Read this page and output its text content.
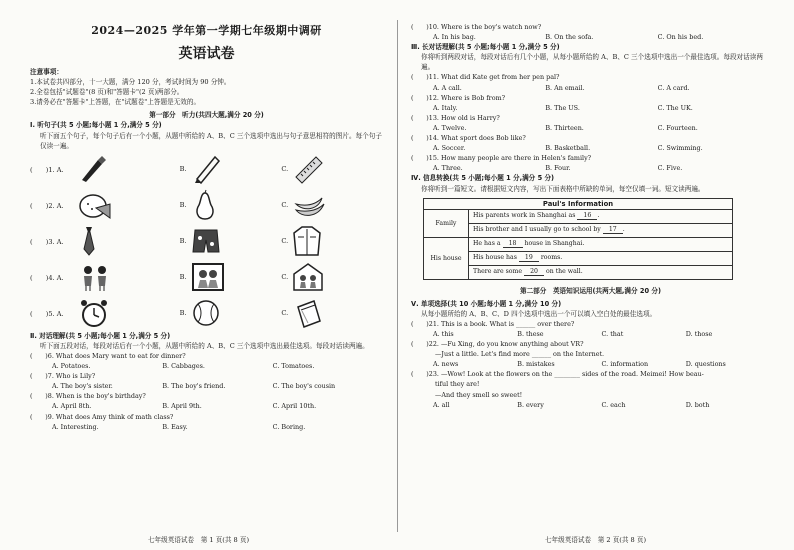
2024—2025 学年第一学期七年级期中调研
英语试卷
注意事项：
1.本试卷共四部分，十一大题，满分 120 分，考试时间为 90 分钟。
2.全卷包括"试题卷"(8 页)和"答题卡"(2 页)两部分。
3.请务必在"答题卡"上答题，在"试题卷"上答题是无效的。
第一部分　听力(共四大题,满分 20 分)
Ⅰ. 听句子(共 5 小题;每小题 1 分,满分 5 分)
听下面五个句子，每个句子后有一个小题，从题中所给的 A、B、C 三个选项中选出与句子意思相符的图片。每个句子仅读一遍。
(　　)1. A.	B.	C.
(　　)2. A.	B.	C.
(　　)3. A.	B.	C.
(　　)4. A.	B.	C.
(　　)5. A.	B.	C.
Ⅱ. 对话理解(共 5 小题;每小题 1 分,满分 5 分)
听下面五段对话，每段对话后有一个小题，从题中所给的 A、B、C 三个选项中选出最佳选项。每段对话读两遍。
(　　)6. What does Mary want to eat for dinner?
A. Potatoes.	B. Cabbages.	C. Tomatoes.
(　　)7. Who is Lily?
A. The boy's sister.	B. The boy's friend.	C. The boy's cousin
(　　)8. When is the boy's birthday?
A. April 8th.	B. April 9th.	C. April 10th.
(　　)9. What does Amy think of math class?
A. Interesting.	B. Easy.	C. Boring.
七年级英语试卷　第 1 页(共 8 页)
(　　)10. Where is the boy's watch now?
A. In his bag.	B. On the sofa.	C. On his bed.
Ⅲ. 长对话理解(共 5 小题;每小题 1 分,满分 5 分)
你将听到两段对话，每段对话后有几个小题，从每小题所给的 A、B、C 三个选项中选出一个最佳选项。每段对话读两遍。
(　　)11. What did Kate get from her pen pal?
A. A call.	B. An email.	C. A card.
(　　)12. Where is Bob from?
A. Italy.	B. The US.	C. The UK.
(　　)13. How old is Harry?
A. Twelve.	B. Thirteen.	C. Fourteen.
(　　)14. What sport does Bob like?
A. Soccer.	B. Basketball.	C. Swimming.
(　　)15. How many people are there in Helen's family?
A. Three.	B. Four.	C. Five.
Ⅳ. 信息转换(共 5 小题;每小题 1 分,满分 5 分)
你将听到一篇短文。请根据短文内容，写出下面表格中所缺的单词，每空仅填一词。短文读两遍。
Paul's Information	
Family	His parents work in Shanghai as 16 .
	His brother and I usually go to school by 17 .
His house	He has a 18 house in Shanghai.
	His house has 19 rooms.
	There are some 20 on the wall.
第二部分　英语知识运用(共两大题,满分 20 分)
Ⅴ. 单项选择(共 10 小题;每小题 1 分,满分 10 分)
从每小题所给的 A、B、C、D 四个选项中选出一个可以填入空白处的最佳选项。
(　　)21. This is a book. What is ______ over there?
A. this	B. these	C. that	D. those
(　　)22. —Fu Xing, do you know anything about VR?
—Just a little. Let's find more ______ on the Internet.
A. news	B. mistakes	C. information	D. questions
(　　)23. —Wow! Look at the flowers on the ________ sides of the road. Meimei! How beau-
tiful they are!
—And they smell so sweet!
A. all	B. every	C. each	D. both
七年级英语试卷　第 2 页(共 8 页)
